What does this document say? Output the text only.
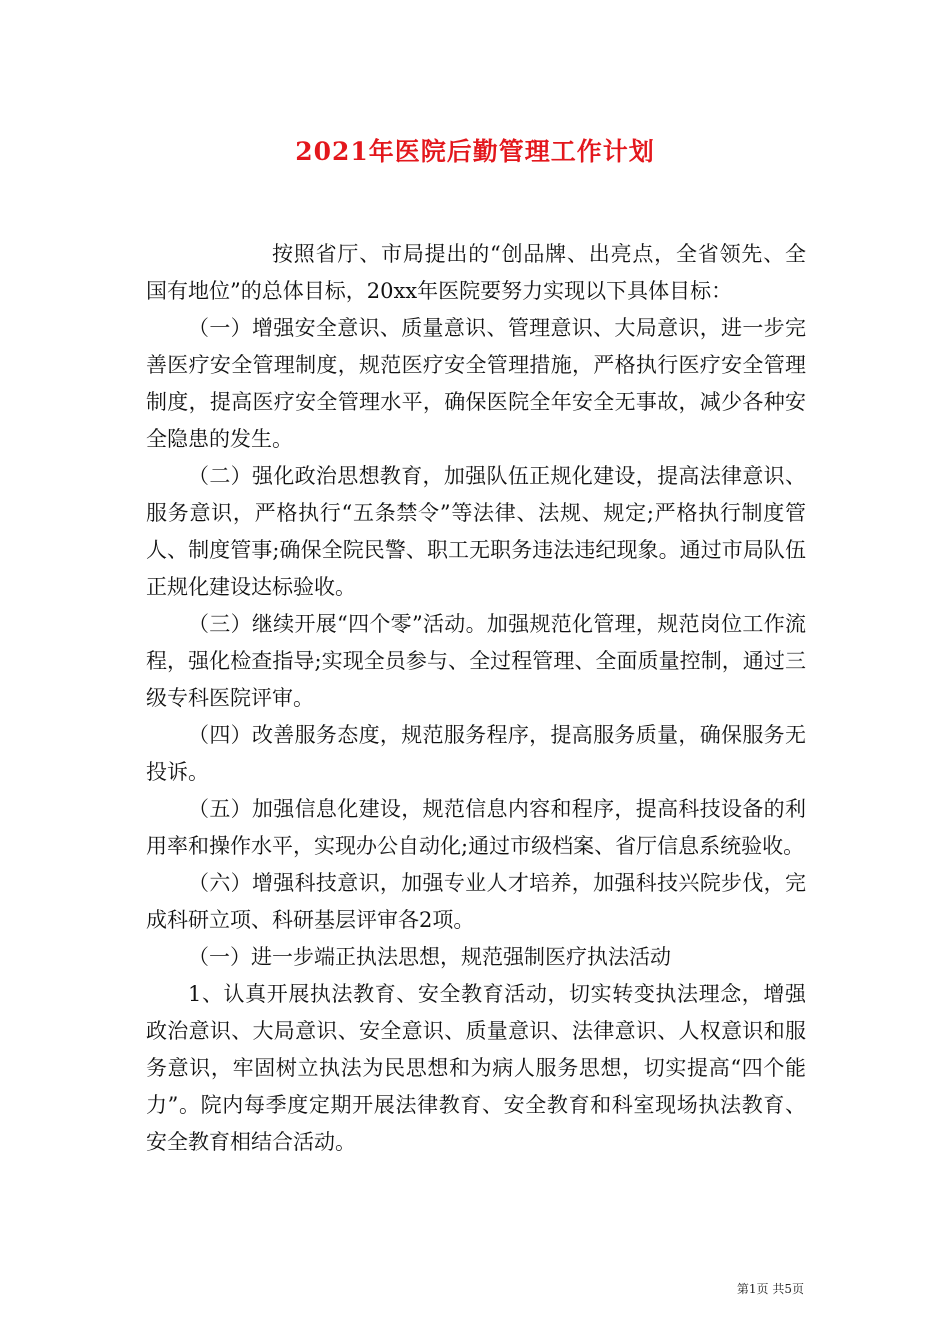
2021年医院后勤管理工作计划

按照省厅、市局提出的“创品牌、出亮点，全省领先、全国有地位”的总体目标，20xx年医院要努力实现以下具体目标：

（一）增强安全意识、质量意识、管理意识、大局意识，进一步完善医疗安全管理制度，规范医疗安全管理措施，严格执行医疗安全管理制度，提高医疗安全管理水平，确保医院全年安全无事故，减少各种安全隐患的发生。

（二）强化政治思想教育，加强队伍正规化建设，提高法律意识、服务意识，严格执行“五条禁令”等法律、法规、规定;严格执行制度管人、制度管事;确保全院民警、职工无职务违法违纪现象。通过市局队伍正规化建设达标验收。

（三）继续开展“四个零”活动。加强规范化管理，规范岗位工作流程，强化检查指导;实现全员参与、全过程管理、全面质量控制，通过三级专科医院评审。

（四）改善服务态度，规范服务程序，提高服务质量，确保服务无投诉。

（五）加强信息化建设，规范信息内容和程序，提高科技设备的利用率和操作水平，实现办公自动化;通过市级档案、省厅信息系统验收。

（六）增强科技意识，加强专业人才培养，加强科技兴院步伐，完成科研立项、科研基层评审各2项。

（一）进一步端正执法思想，规范强制医疗执法活动

1、认真开展执法教育、安全教育活动，切实转变执法理念，增强政治意识、大局意识、安全意识、质量意识、法律意识、人权意识和服务意识，牢固树立执法为民思想和为病人服务思想，切实提高“四个能力”。院内每季度定期开展法律教育、安全教育和科室现场执法教育、安全教育相结合活动。

第1页 共5页
